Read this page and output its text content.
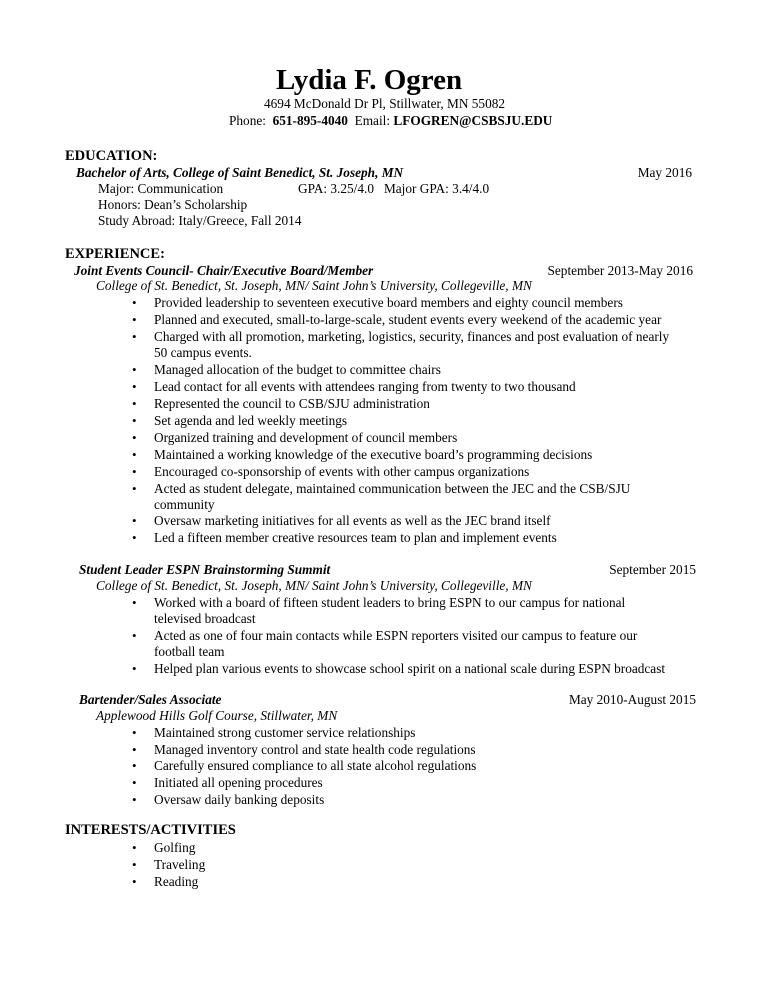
Lydia F. Ogren
4694 McDonald Dr Pl, Stillwater, MN 55082
Phone: 651-895-4040 Email: LFOGREN@CSBSJU.EDU
EDUCATION:
Bachelor of Arts, College of Saint Benedict, St. Joseph, MN	May 2016
Major: Communication	GPA: 3.25/4.0   Major GPA: 3.4/4.0
Honors: Dean’s Scholarship
Study Abroad: Italy/Greece, Fall 2014
EXPERIENCE:
Joint Events Council- Chair/Executive Board/Member	September 2013-May 2016
College of St. Benedict, St. Joseph, MN/ Saint John’s University, Collegeville, MN
• Provided leadership to seventeen executive board members and eighty council members
• Planned and executed, small-to-large-scale, student events every weekend of the academic year
• Charged with all promotion, marketing, logistics, security, finances and post evaluation of nearly
50 campus events.
• Managed allocation of the budget to committee chairs
• Lead contact for all events with attendees ranging from twenty to two thousand
• Represented the council to CSB/SJU administration
• Set agenda and led weekly meetings
• Organized training and development of council members
• Maintained a working knowledge of the executive board’s programming decisions
• Encouraged co-sponsorship of events with other campus organizations
• Acted as student delegate, maintained communication between the JEC and the CSB/SJU
community
• Oversaw marketing initiatives for all events as well as the JEC brand itself
• Led a fifteen member creative resources team to plan and implement events
Student Leader ESPN Brainstorming Summit	September 2015
College of St. Benedict, St. Joseph, MN/ Saint John’s University, Collegeville, MN
• Worked with a board of fifteen student leaders to bring ESPN to our campus for national
televised broadcast
• Acted as one of four main contacts while ESPN reporters visited our campus to feature our
football team
• Helped plan various events to showcase school spirit on a national scale during ESPN broadcast
Bartender/Sales Associate	May 2010-August 2015
Applewood Hills Golf Course, Stillwater, MN
• Maintained strong customer service relationships
• Managed inventory control and state health code regulations
• Carefully ensured compliance to all state alcohol regulations
• Initiated all opening procedures
• Oversaw daily banking deposits
INTERESTS/ACTIVITIES
• Golfing
• Traveling
• Reading
